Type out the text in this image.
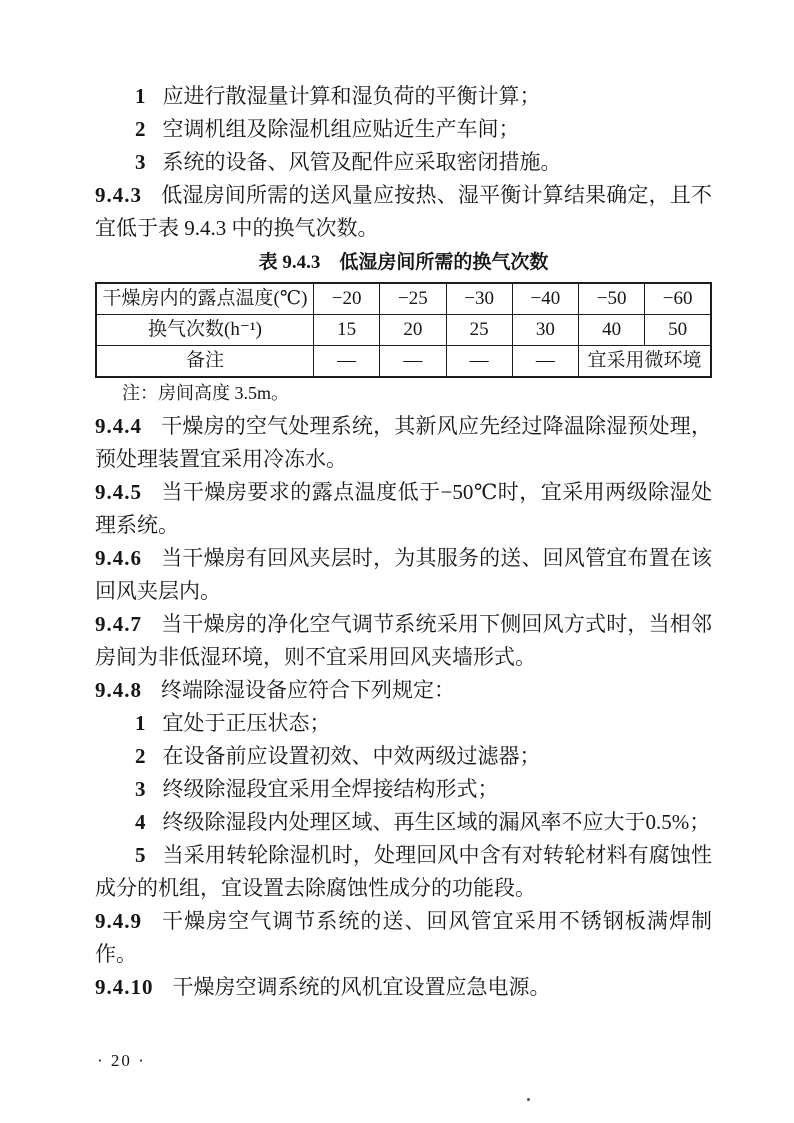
1 应进行散湿量计算和湿负荷的平衡计算；

2 空调机组及除湿机组应贴近生产车间；

3 系统的设备、风管及配件应采取密闭措施。

9.4.3 低湿房间所需的送风量应按热、湿平衡计算结果确定，且不宜低于表 9.4.3 中的换气次数。

表 9.4.3　低湿房间所需的换气次数

干燥房内的露点温度(℃)	−20	−25	−30	−40	−50	−60
换气次数(h⁻¹)	15	20	25	30	40	50
备注	—	—	—	—	宜采用微环境	

注：房间高度 3.5m。

9.4.4 干燥房的空气处理系统，其新风应先经过降温除湿预处理，预处理装置宜采用冷冻水。

9.4.5 当干燥房要求的露点温度低于−50℃时，宜采用两级除湿处理系统。

9.4.6 当干燥房有回风夹层时，为其服务的送、回风管宜布置在该回风夹层内。

9.4.7 当干燥房的净化空气调节系统采用下侧回风方式时，当相邻房间为非低湿环境，则不宜采用回风夹墙形式。

9.4.8 终端除湿设备应符合下列规定：

1 宜处于正压状态；

2 在设备前应设置初效、中效两级过滤器；

3 终级除湿段宜采用全焊接结构形式；

4 终级除湿段内处理区域、再生区域的漏风率不应大于0.5%；

5 当采用转轮除湿机时，处理回风中含有对转轮材料有腐蚀性成分的机组，宜设置去除腐蚀性成分的功能段。

9.4.9 干燥房空气调节系统的送、回风管宜采用不锈钢板满焊制作。

9.4.10 干燥房空调系统的风机宜设置应急电源。

· 20 ·
